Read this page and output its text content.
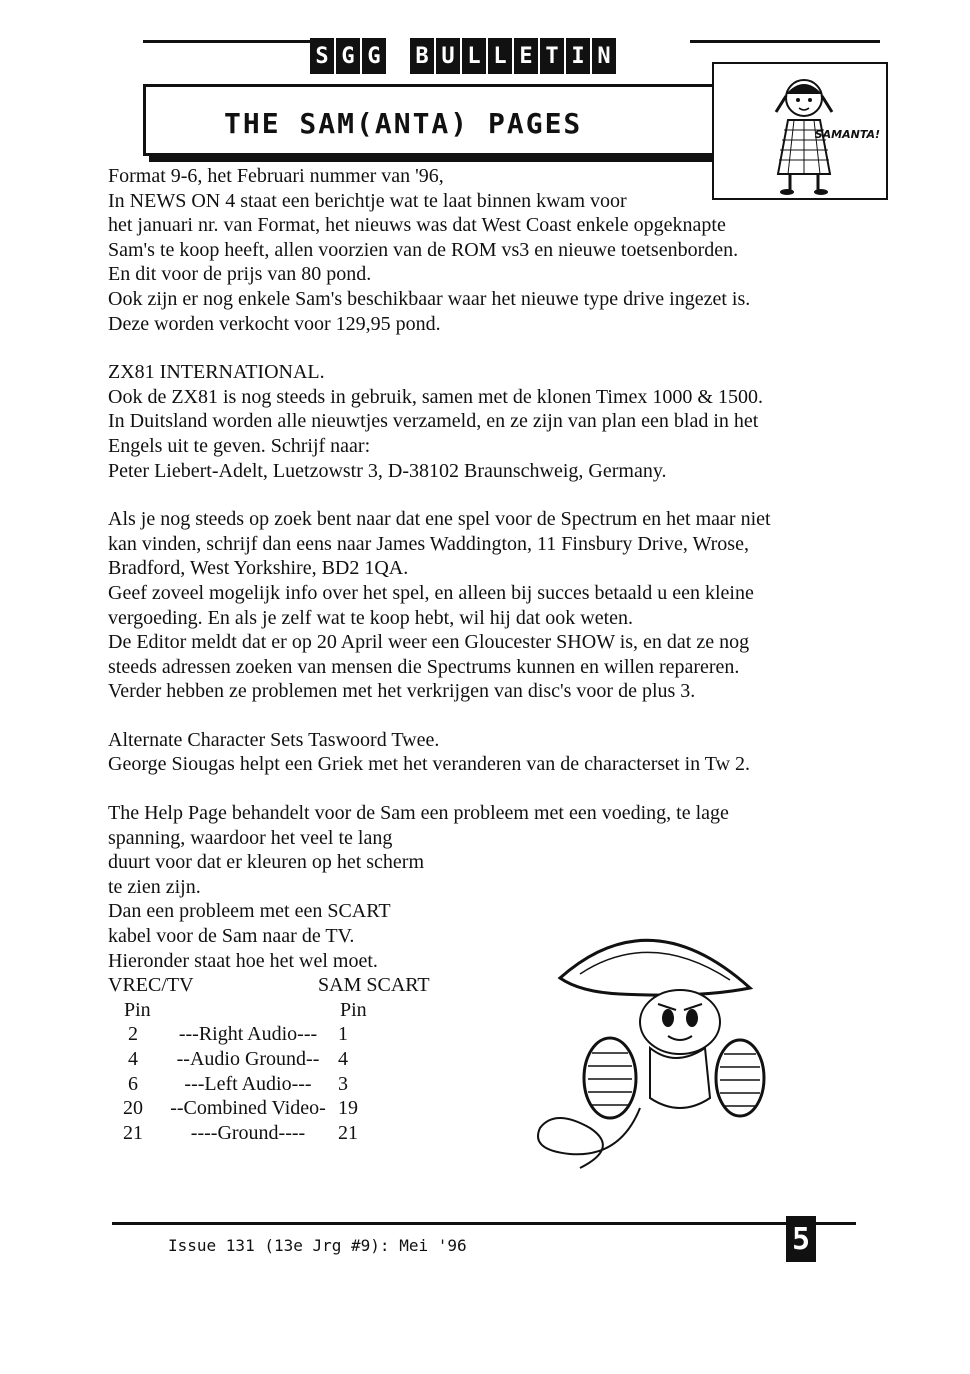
S G G B U L L E T I N
THE SAM(ANTA) PAGES	SAMANTA!

Format 9-6, het Februari nummer van '96,
In NEWS ON 4 staat een berichtje wat te laat binnen kwam voor
het januari nr. van Format, het nieuws was dat West Coast enkele opgeknapte
Sam's te koop heeft, allen voorzien van de ROM vs3 en nieuwe toetsenborden.
En dit voor de prijs van 80 pond.
Ook zijn er nog enkele Sam's beschikbaar waar het nieuwe type drive ingezet is.
Deze worden verkocht voor 129,95 pond.

ZX81 INTERNATIONAL.
Ook de ZX81 is nog steeds in gebruik, samen met de klonen Timex 1000 & 1500.
In Duitsland worden alle nieuwtjes verzameld, en ze zijn van plan een blad in het
Engels uit te geven. Schrijf naar:
Peter Liebert-Adelt, Luetzowstr 3, D-38102 Braunschweig, Germany.

Als je nog steeds op zoek bent naar dat ene spel voor de Spectrum en het maar niet
kan vinden, schrijf dan eens naar James Waddington, 11 Finsbury Drive, Wrose,
Bradford, West Yorkshire, BD2 1QA.
Geef zoveel mogelijk info over het spel, en alleen bij succes betaald u een kleine
vergoeding. En als je zelf wat te koop hebt, wil hij dat ook weten.
De Editor meldt dat er op 20 April weer een Gloucester SHOW is, en dat ze nog
steeds adressen zoeken van mensen die Spectrums kunnen en willen repareren.
Verder hebben ze problemen met het verkrijgen van disc's voor de plus 3.

Alternate Character Sets Taswoord Twee.
George Siougas helpt een Griek met het veranderen van de characterset in Tw 2.

The Help Page behandelt voor de Sam een probleem met een voeding, te lage
spanning, waardoor het veel te lang
duurt voor dat er kleuren op het scherm
te zien zijn.
Dan een probleem met een SCART
kabel voor de Sam naar de TV.
Hieronder staat hoe het wel moet.

VREC/TV	SAM SCART
Pin	Pin
2	---Right Audio---	1
4	--Audio Ground-- 4
6	---Left Audio---	3
20	--Combined Video- 19
21	----Ground----	21
5
Issue 131 (13e Jrg #9): Mei '96
